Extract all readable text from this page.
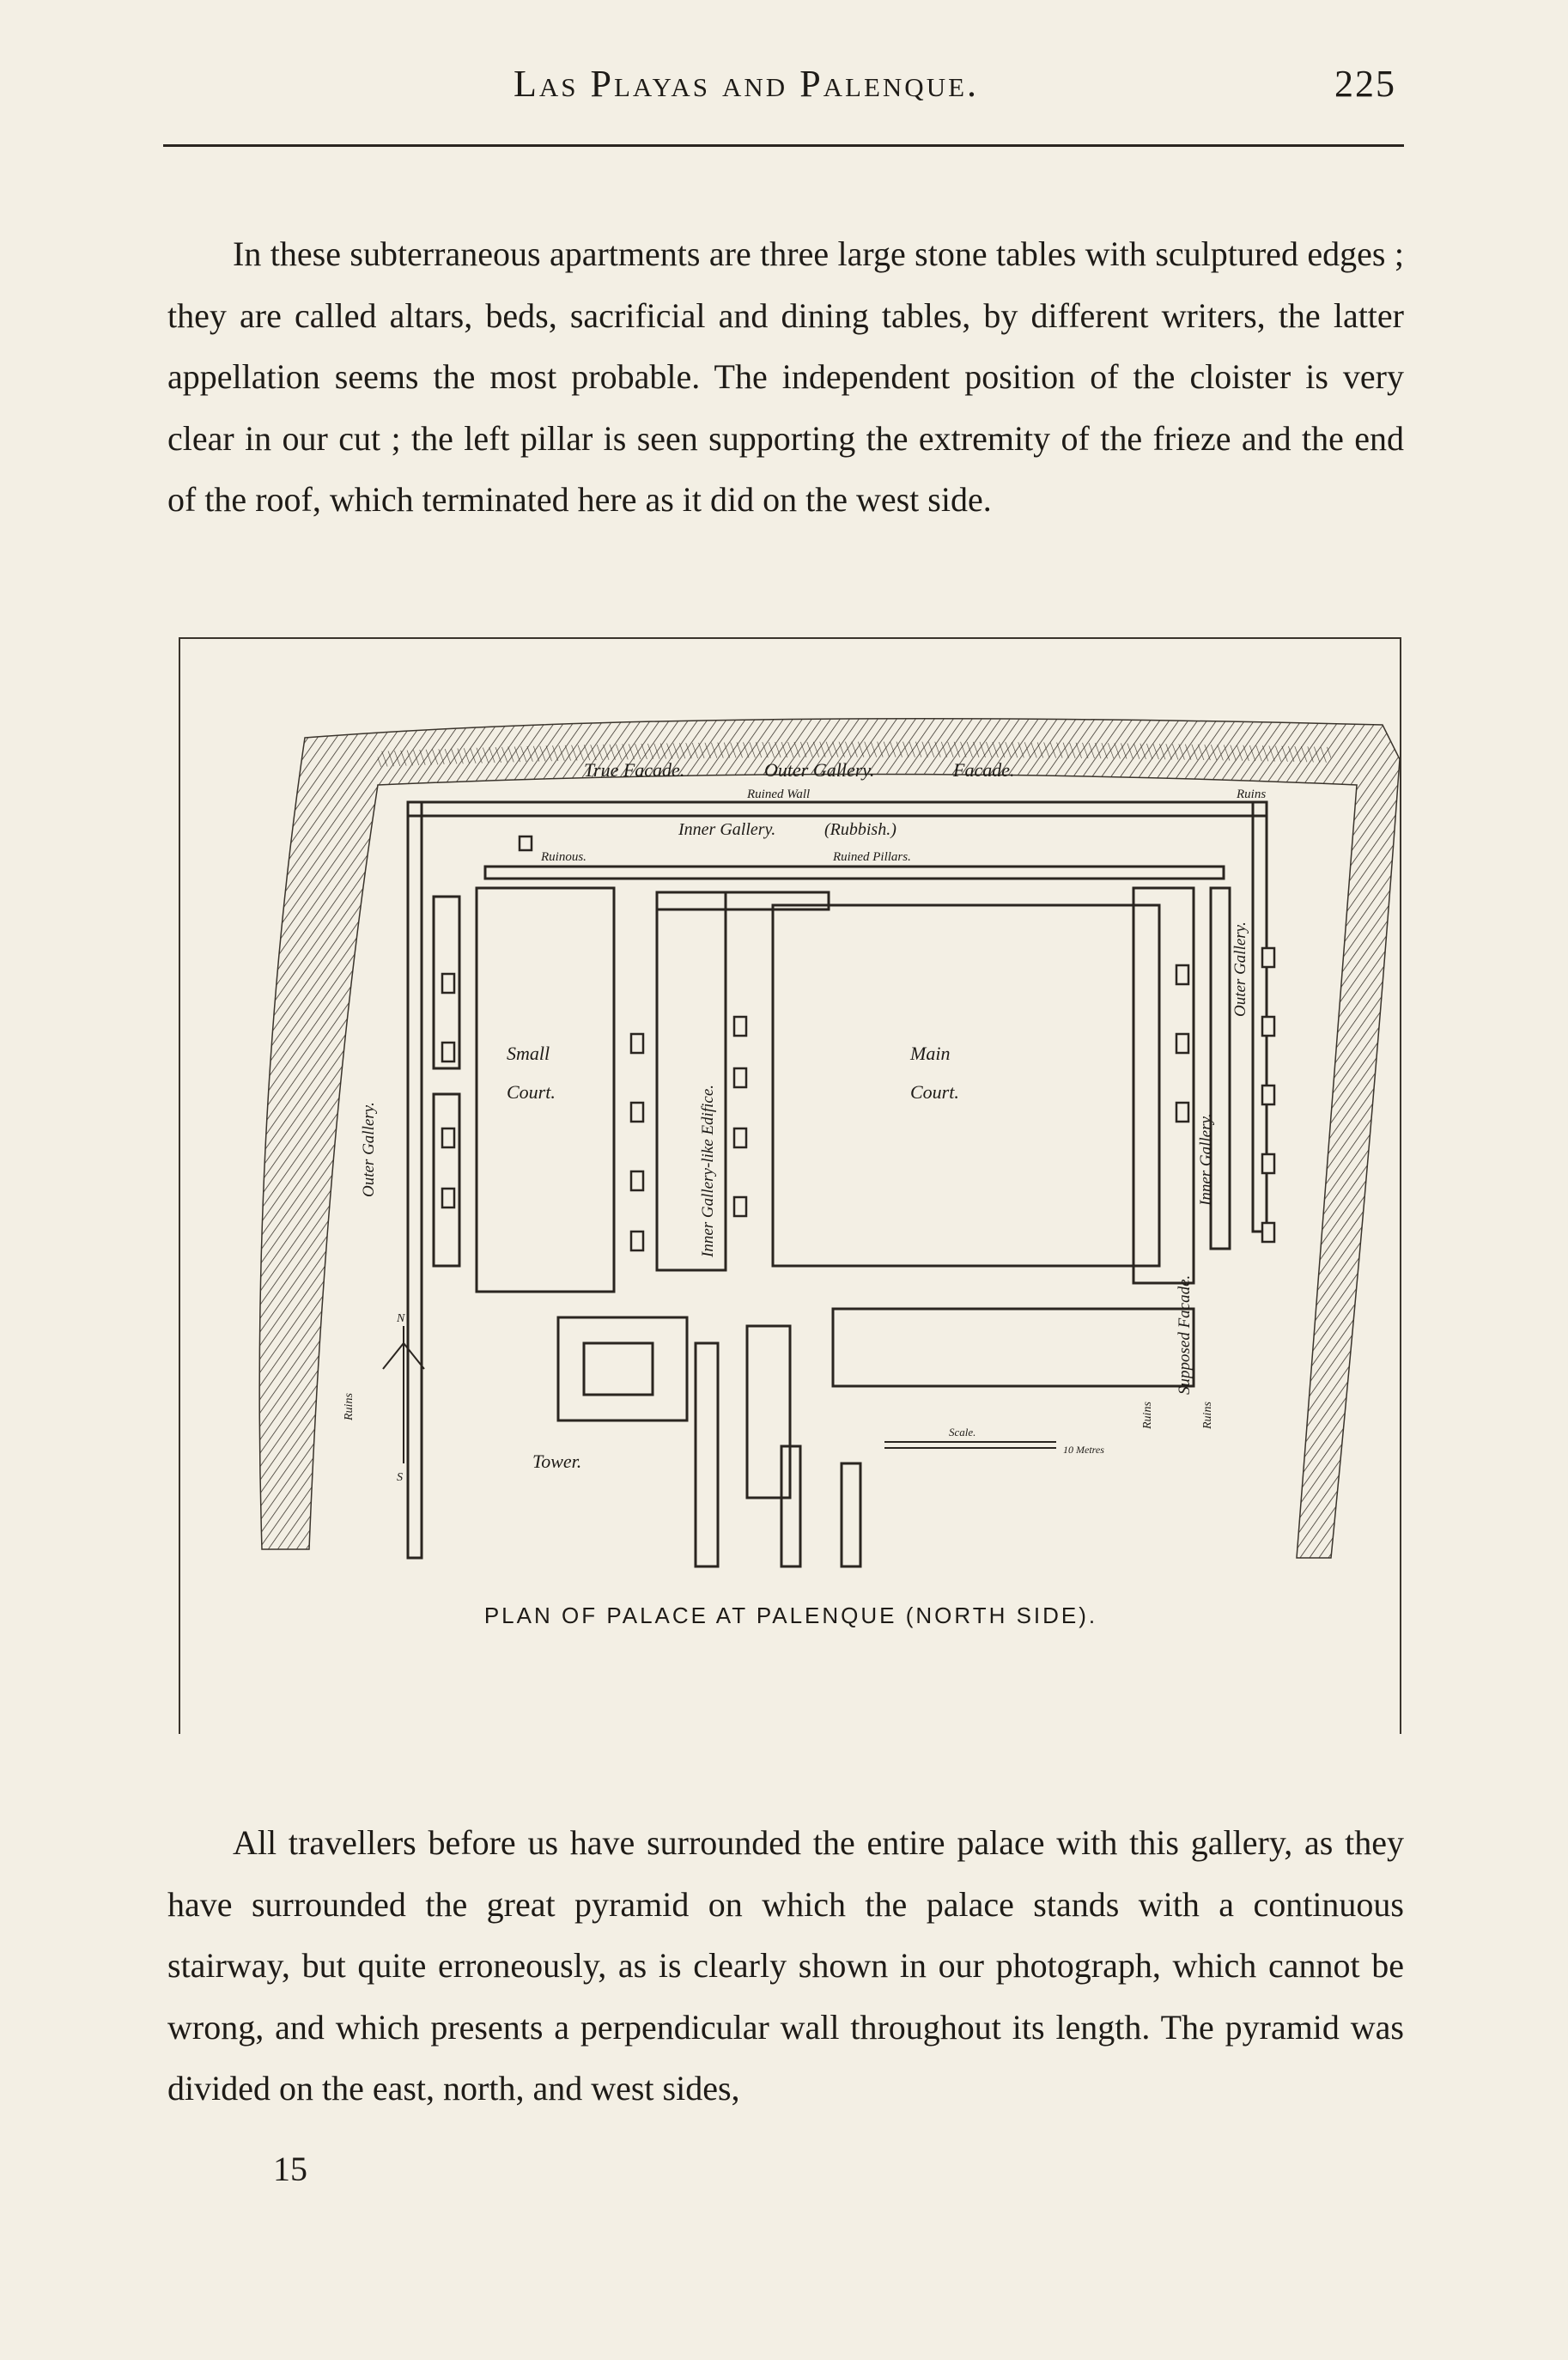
Las Playas and Palenque.	225

In these subterraneous apartments are three large stone tables with sculptured edges ; they are called altars, beds, sacrificial and dining tables, by different writers, the latter appellation seems the most probable. The independent position of the cloister is very clear in our cut ; the left pillar is seen supporting the extremity of the frieze and the end of the roof, which terminated here as it did on the west side.

True Facade.	Outer Gallery.	Facade.
Ruined Wall	Ruins
Inner Gallery.	(Rubbish.)
Ruinous.	Ruined Pillars.
Small
Court.
Main
Court.
Outer Gallery.	Inner Gallery-like Edifice.
Outer Gallery.
Inner Gallery.
Supposed Facade.
Ruins	Ruins	Ruins
Tower.
N
S
Scale.
10 Metres
PLAN OF PALACE AT PALENQUE (NORTH SIDE).

All travellers before us have surrounded the entire palace with this gallery, as they have surrounded the great pyramid on which the palace stands with a continuous stairway, but quite erroneously, as is clearly shown in our photograph, which cannot be wrong, and which presents a perpendicular wall throughout its length. The pyramid was divided on the east, north, and west sides,

15
